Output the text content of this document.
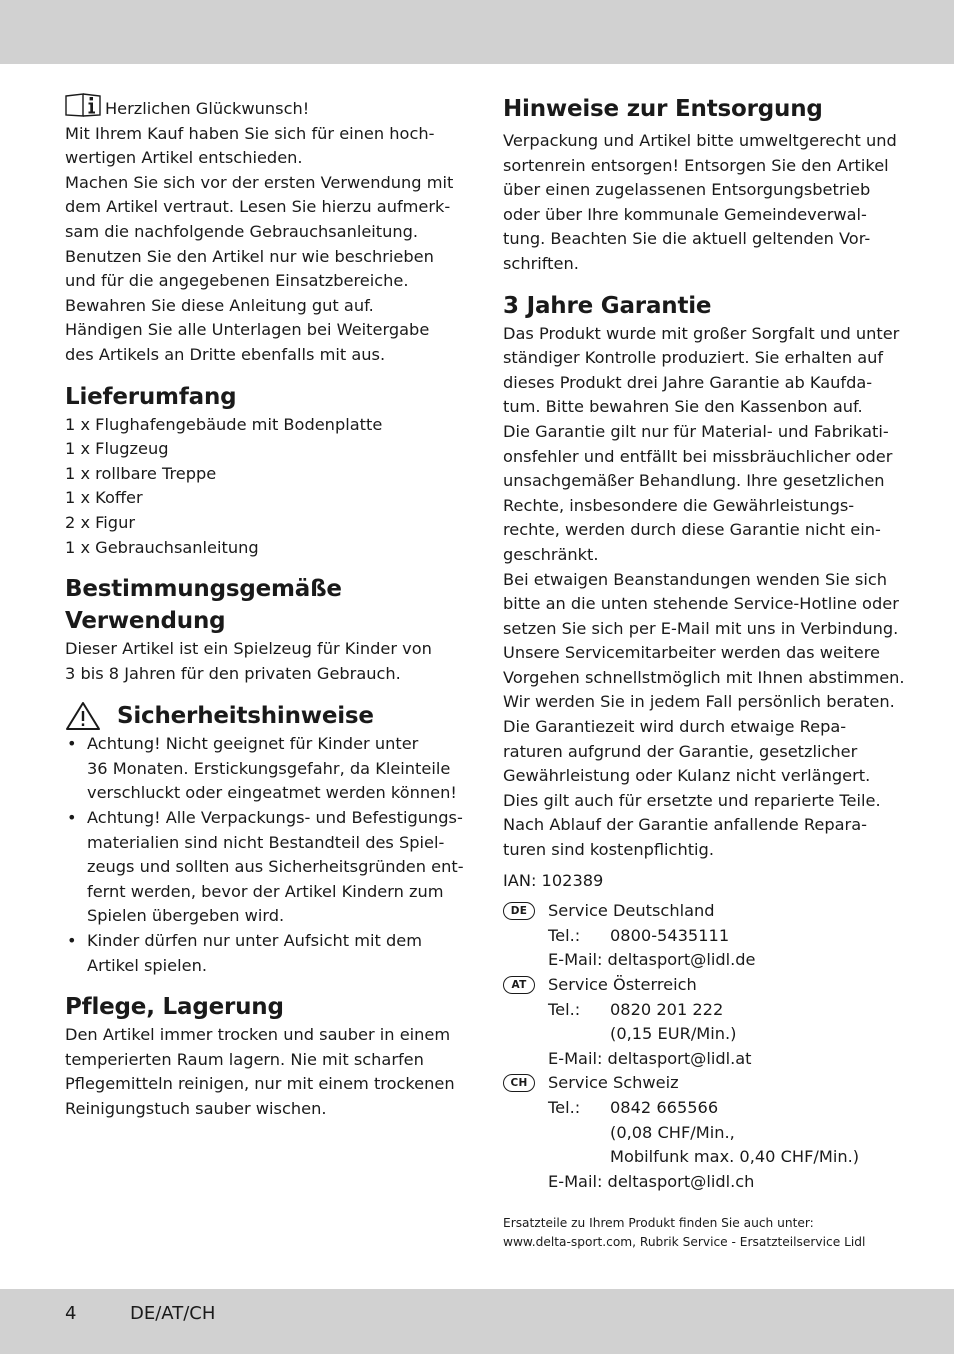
Herzlichen Glückwunsch!
Mit Ihrem Kauf haben Sie sich für einen hoch-
wertigen Artikel entschieden.
Machen Sie sich vor der ersten Verwendung mit
dem Artikel vertraut. Lesen Sie hierzu aufmerk-
sam die nachfolgende Gebrauchsanleitung.
Benutzen Sie den Artikel nur wie beschrieben
und für die angegebenen Einsatzbereiche.
Bewahren Sie diese Anleitung gut auf.
Händigen Sie alle Unterlagen bei Weitergabe
des Artikels an Dritte ebenfalls mit aus.

Lieferumfang

1 x Flughafengebäude mit Bodenplatte
1 x Flugzeug
1 x rollbare Treppe
1 x Koffer
2 x Figur
1 x Gebrauchsanleitung

Bestimmungsgemäße
Verwendung

Dieser Artikel ist ein Spielzeug für Kinder von
3 bis 8 Jahren für den privaten Gebrauch.

Sicherheitshinweise
• Achtung! Nicht geeignet für Kinder unter
36 Monaten. Erstickungsgefahr, da Kleinteile
verschluckt oder eingeatmet werden können!
• Achtung! Alle Verpackungs- und Befestigungs-
materialien sind nicht Bestandteil des Spiel-
zeugs und sollten aus Sicherheitsgründen ent-
fernt werden, bevor der Artikel Kindern zum
Spielen übergeben wird.
• Kinder dürfen nur unter Aufsicht mit dem
Artikel spielen.
Pflege, Lagerung

Den Artikel immer trocken und sauber in einem
temperierten Raum lagern. Nie mit scharfen
Pflegemitteln reinigen, nur mit einem trockenen
Reinigungstuch sauber wischen.

Hinweise zur Entsorgung

Verpackung und Artikel bitte umweltgerecht und
sortenrein entsorgen! Entsorgen Sie den Artikel
über einen zugelassenen Entsorgungsbetrieb
oder über Ihre kommunale Gemeindeverwal-
tung. Beachten Sie die aktuell geltenden Vor-
schriften.

3 Jahre Garantie

Das Produkt wurde mit großer Sorgfalt und unter
ständiger Kontrolle produziert. Sie erhalten auf
dieses Produkt drei Jahre Garantie ab Kaufda-
tum. Bitte bewahren Sie den Kassenbon auf.
Die Garantie gilt nur für Material- und Fabrikati-
onsfehler und entfällt bei missbräuchlicher oder
unsachgemäßer Behandlung. Ihre gesetzlichen
Rechte, insbesondere die Gewährleistungs-
rechte, werden durch diese Garantie nicht ein-
geschränkt.
Bei etwaigen Beanstandungen wenden Sie sich
bitte an die unten stehende Service-Hotline oder
setzen Sie sich per E-Mail mit uns in Verbindung.
Unsere Servicemitarbeiter werden das weitere
Vorgehen schnellstmöglich mit Ihnen abstimmen.
Wir werden Sie in jedem Fall persönlich beraten.
Die Garantiezeit wird durch etwaige Repa-
raturen aufgrund der Garantie, gesetzlicher
Gewährleistung oder Kulanz nicht verlängert.
Dies gilt auch für ersetzte und reparierte Teile.
Nach Ablauf der Garantie anfallende Repara-
turen sind kostenpflichtig.

IAN: 102389

DE	Service Deutschland
Tel.:	0800-5435111
E-Mail: deltasport@lidl.de
AT	Service Österreich
Tel.:	0820 201 222
(0,15 EUR/Min.)
E-Mail: deltasport@lidl.at
CH	Service Schweiz
Tel.:	0842 665566
(0,08 CHF/Min.,
Mobilfunk max. 0,40 CHF/Min.)
E-Mail: deltasport@lidl.ch

Ersatzteile zu Ihrem Produkt finden Sie auch unter:
www.delta-sport.com, Rubrik Service - Ersatzteilservice Lidl

4	DE/AT/CH
